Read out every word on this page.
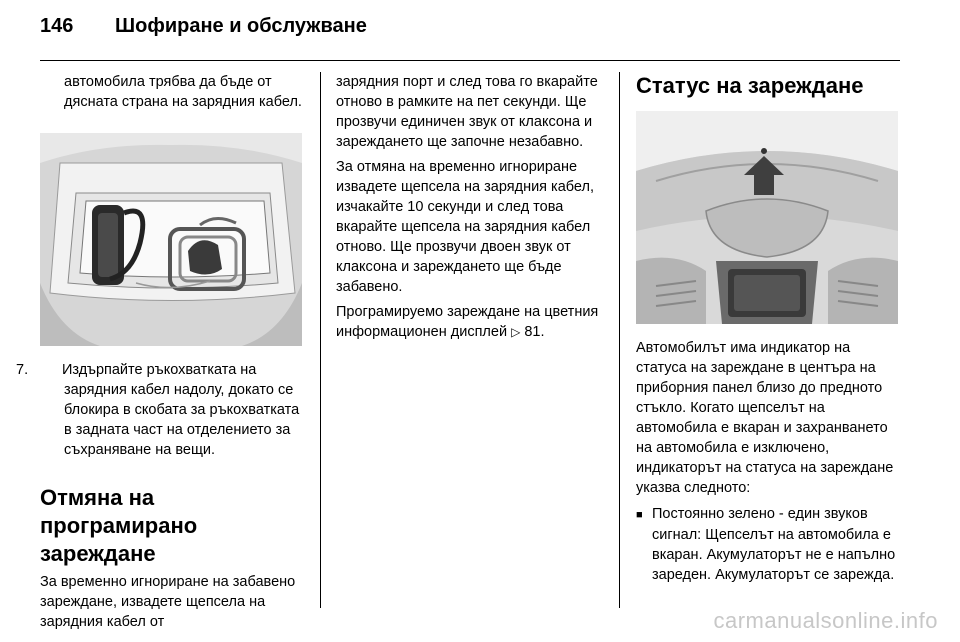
146 Шофиране и обслужване

автомобила трябва да бъде от дясната страна на зарядния кабел.

7. Издърпайте ръкохватката на зарядния кабел надолу, докато се блокира в скобата за ръкохватката в задната част на отделението за съхраняване на вещи.

Отмяна на програмирано зареждане

За временно игнориране на забавено зареждане, извадете щепсела на зарядния кабел от

зарядния порт и след това го вкарайте отново в рамките на пет секунди. Ще прозвучи единичен звук от клаксона и зареждането ще започне незабавно.

За отмяна на временно игнориране извадете щепсела на зарядния кабел, изчакайте 10 секунди и след това вкарайте щепсела на зарядния кабел отново. Ще прозвучи двоен звук от клаксона и зареждането ще бъде забавено.

Програмируемо зареждане на цветния информационен дисплей ▷ 81.

Статус на зареждане

Автомобилът има индикатор на статуса на зареждане в центъра на приборния панел близо до предното стъкло. Когато щепселът на автомобила е вкаран и захранването на автомобила е изключено, индикаторът на статуса на зареждане указва следното:

■ Постоянно зелено - един звуков сигнал: Щепселът на автомобила е вкаран. Акумулаторът не е напълно зареден. Акумулаторът се зарежда.

carmanualsonline.info
